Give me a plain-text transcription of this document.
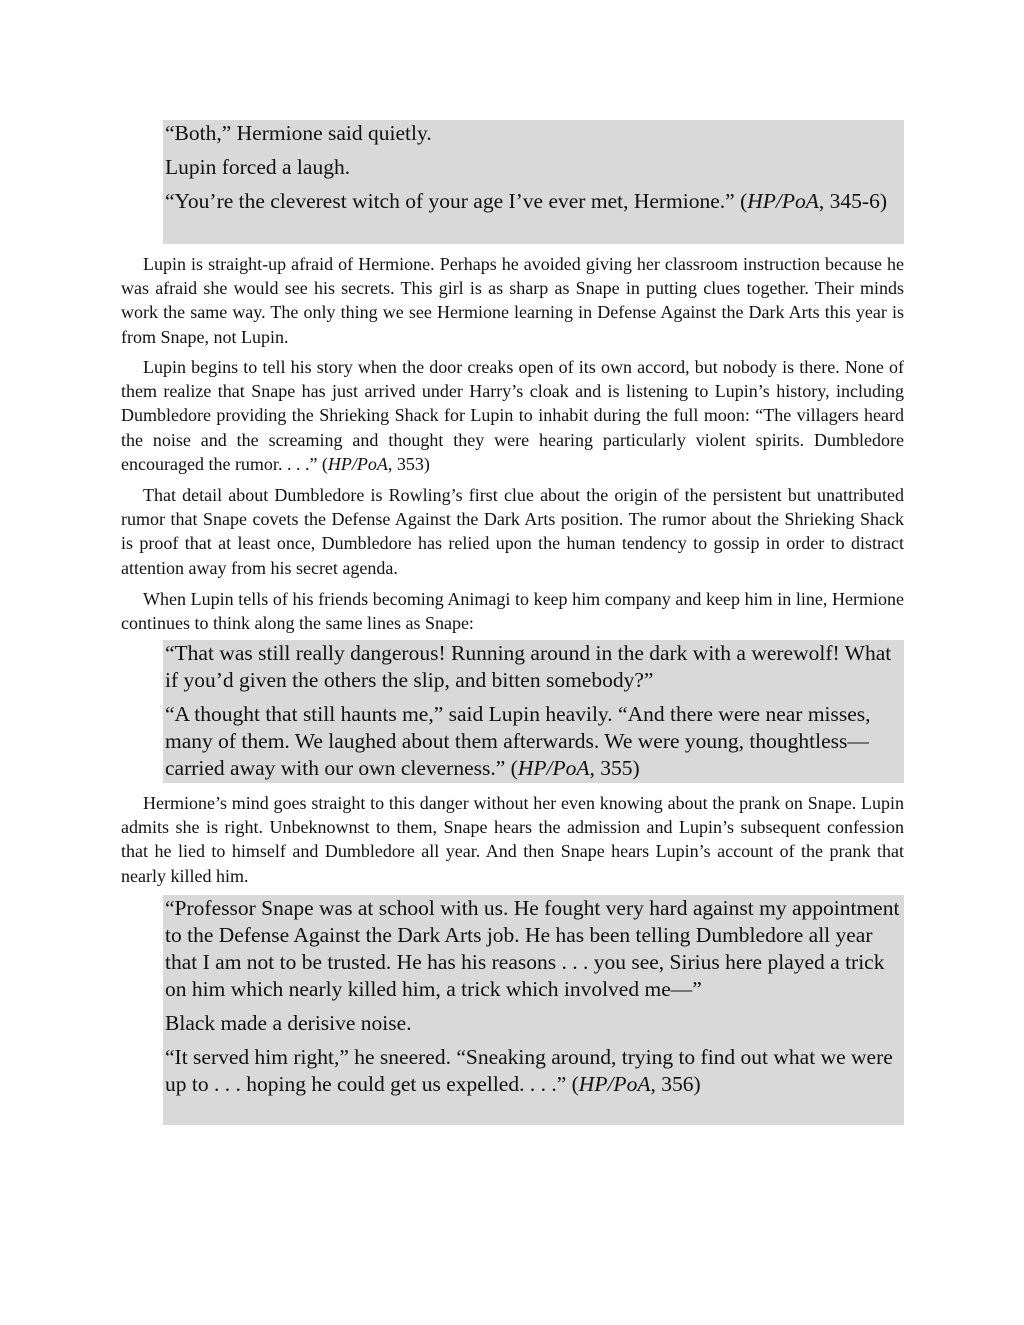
“Both,” Hermione said quietly.

Lupin forced a laugh.

“You’re the cleverest witch of your age I’ve ever met, Hermione.” (HP/PoA, 345-6)

Lupin is straight-up afraid of Hermione. Perhaps he avoided giving her classroom instruction because he was afraid she would see his secrets. This girl is as sharp as Snape in putting clues together. Their minds work the same way. The only thing we see Hermione learning in Defense Against the Dark Arts this year is from Snape, not Lupin.

Lupin begins to tell his story when the door creaks open of its own accord, but nobody is there. None of them realize that Snape has just arrived under Harry’s cloak and is listening to Lupin’s history, including Dumbledore providing the Shrieking Shack for Lupin to inhabit during the full moon: “The villagers heard the noise and the screaming and thought they were hearing particularly violent spirits. Dumbledore encouraged the rumor. . . .” (HP/PoA, 353)

That detail about Dumbledore is Rowling’s first clue about the origin of the persistent but unattributed rumor that Snape covets the Defense Against the Dark Arts position. The rumor about the Shrieking Shack is proof that at least once, Dumbledore has relied upon the human tendency to gossip in order to distract attention away from his secret agenda.

When Lupin tells of his friends becoming Animagi to keep him company and keep him in line, Hermione continues to think along the same lines as Snape:

“That was still really dangerous! Running around in the dark with a werewolf! What if you’d given the others the slip, and bitten somebody?”

“A thought that still haunts me,” said Lupin heavily. “And there were near misses, many of them. We laughed about them afterwards. We were young, thoughtless—carried away with our own cleverness.” (HP/PoA, 355)

Hermione’s mind goes straight to this danger without her even knowing about the prank on Snape. Lupin admits she is right. Unbeknownst to them, Snape hears the admission and Lupin’s subsequent confession that he lied to himself and Dumbledore all year. And then Snape hears Lupin’s account of the prank that nearly killed him.

“Professor Snape was at school with us. He fought very hard against my appointment to the Defense Against the Dark Arts job. He has been telling Dumbledore all year that I am not to be trusted. He has his reasons . . . you see, Sirius here played a trick on him which nearly killed him, a trick which involved me—”

Black made a derisive noise.

“It served him right,” he sneered. “Sneaking around, trying to find out what we were up to . . . hoping he could get us expelled. . . .” (HP/PoA, 356)
